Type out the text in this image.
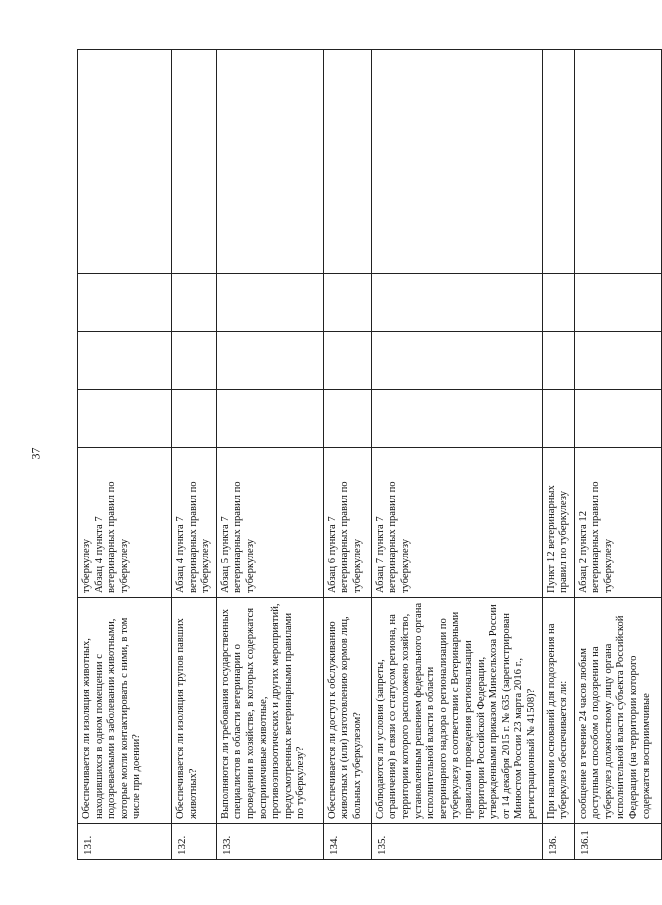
37
131.	Обеспечивается ли изоляция животных, находившихся в одном помещении с подозреваемыми в заболевании животными, которые могли контактировать с ними, в том числе при доении?	туберкулезу Абзац 4 пункта 7 ветеринарных правил по туберкулезу				
132.	Обеспечивается ли изоляция трупов павших животных?	Абзац 4 пункта 7 ветеринарных правил по туберкулезу				
133.	Выполняются ли требования государственных специалистов в области ветеринарии о проведении в хозяйстве, в которых содержатся восприимчивые животные, противоэпизоотических и других мероприятий, предусмотренных ветеринарными правилами по туберкулезу?	Абзац 5 пункта 7 ветеринарных правил по туберкулезу				
134.	Обеспечивается ли доступ к обслуживанию животных и (или) изготовлению кормов лиц, больных туберкулезом?	Абзац 6 пункта 7 ветеринарных правил по туберкулезу				
135.	Соблюдаются ли условия (запреты, ограничения) в связи со статусом региона, на территории которого расположено хозяйство, установленным решением федерального органа исполнительной власти в области ветеринарного надзора о регионализации по туберкулезу в соответствии с Ветеринарными правилами проведения регионализации территории Российской Федерации, утвержденными приказом Минсельхоза России от 14 декабря 2015 г. № 635 (зарегистрирован Минюстом России 23 марта 2016 г., регистрационный № 41508)?	Абзац 7 пункта 7 ветеринарных правил по туберкулезу				
136.	При наличии оснований для подозрения на туберкулез обеспечивается ли:	Пункт 12 ветеринарных правил по туберкулезу				
136.1	сообщение в течение 24 часов любым доступным способом о подозрении на туберкулез должностному лицу органа исполнительной власти субъекта Российской Федерации (на территории которого содержатся восприимчивые	Абзац 2 пункта 12 ветеринарных правил по туберкулезу				
